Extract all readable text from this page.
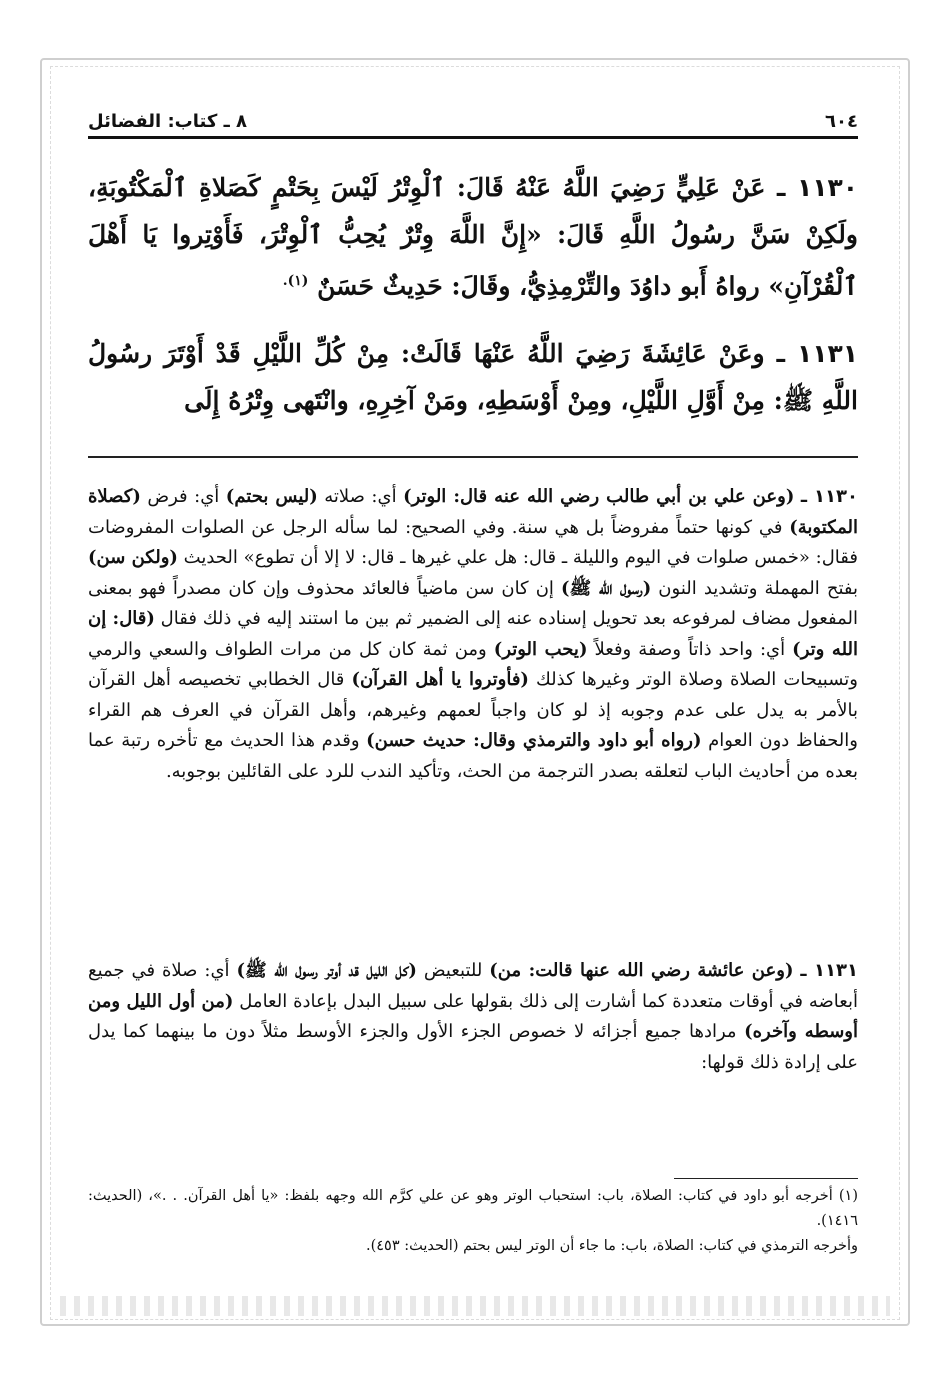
٦٠٤
٨ ـ كتاب: الفضائل
١١٣٠ ـ عَنْ عَلِيٍّ رَضِيَ اللَّهُ عَنْهُ قَالَ: ٱلْوِتْرُ لَيْسَ بِحَتْمٍ كَصَلاةِ ٱلْمَكْتُوبَةِ، ولَكِنْ سَنَّ رسُولُ اللَّهِ قَالَ: «إِنَّ اللَّهَ وِتْرٌ يُحِبُّ ٱلْوِتْرَ، فَأَوْتِروا يَا أَهْلَ ٱلْقُرْآنِ» رواهُ أَبو داوُدَ والتِّرْمِذِيُّ، وقَالَ: حَدِيثٌ حَسَنٌ $^{(١).}$
١١٣١ ـ وعَنْ عَائِشَةَ رَضِيَ اللَّهُ عَنْهَا قَالَتْ: مِنْ كُلِّ اللَّيْلِ قَدْ أَوْتَرَ رسُولُ اللَّهِ ﷺ: مِنْ أَوَّلِ اللَّيْلِ، ومِنْ أَوْسَطِهِ، ومَنْ آخِرِهِ، وانْتَهى وِتْرُهُ إِلَى
١١٣٠ ـ (وعن علي بن أبي طالب رضي الله عنه قال: الوتر) أي: صلاته (ليس بحتم) أي: فرض (كصلاة المكتوبة) في كونها حتماً مفروضاً بل هي سنة. وفي الصحيح: لما سأله الرجل عن الصلوات المفروضات فقال: «خمس صلوات في اليوم والليلة ـ قال: هل علي غيرها ـ قال: لا إلا أن تطوع» الحديث (ولكن سن) بفتح المهملة وتشديد النون (رسول الله ﷺ) إن كان سن ماضياً فالعائد محذوف وإن كان مصدراً فهو بمعنى المفعول مضاف لمرفوعه بعد تحويل إسناده عنه إلى الضمير ثم بين ما استند إليه في ذلك فقال (قال: إن الله وتر) أي: واحد ذاتاً وصفة وفعلاً (يحب الوتر) ومن ثمة كان كل من مرات الطواف والسعي والرمي وتسبيحات الصلاة وصلاة الوتر وغيرها كذلك (فأوتروا يا أهل القرآن) قال الخطابي تخصيصه أهل القرآن بالأمر به يدل على عدم وجوبه إذ لو كان واجباً لعمهم وغيرهم، وأهل القرآن في العرف هم القراء والحفاظ دون العوام (رواه أبو داود والترمذي وقال: حديث حسن) وقدم هذا الحديث مع تأخره رتبة عما بعده من أحاديث الباب لتعلقه بصدر الترجمة من الحث، وتأكيد الندب للرد على القائلين بوجوبه.
١١٣١ ـ (وعن عائشة رضي الله عنها قالت: من) للتبعيض (كل الليل قد أوتر رسول الله ﷺ) أي: صلاة في جميع أبعاضه في أوقات متعددة كما أشارت إلى ذلك بقولها على سبيل البدل بإعادة العامل (من أول الليل ومن أوسطه وآخره) مرادها جميع أجزائه لا خصوص الجزء الأول والجزء الأوسط مثلاً دون ما بينهما كما يدل على إرادة ذلك قولها:

(١) أخرجه أبو داود في كتاب: الصلاة، باب: استحباب الوتر وهو عن علي كرَّم الله وجهه بلفظ: «يا أهل القرآن. . .»، (الحديث: ١٤١٦).

وأخرجه الترمذي في كتاب: الصلاة، باب: ما جاء أن الوتر ليس بحتم (الحديث: ٤٥٣).
